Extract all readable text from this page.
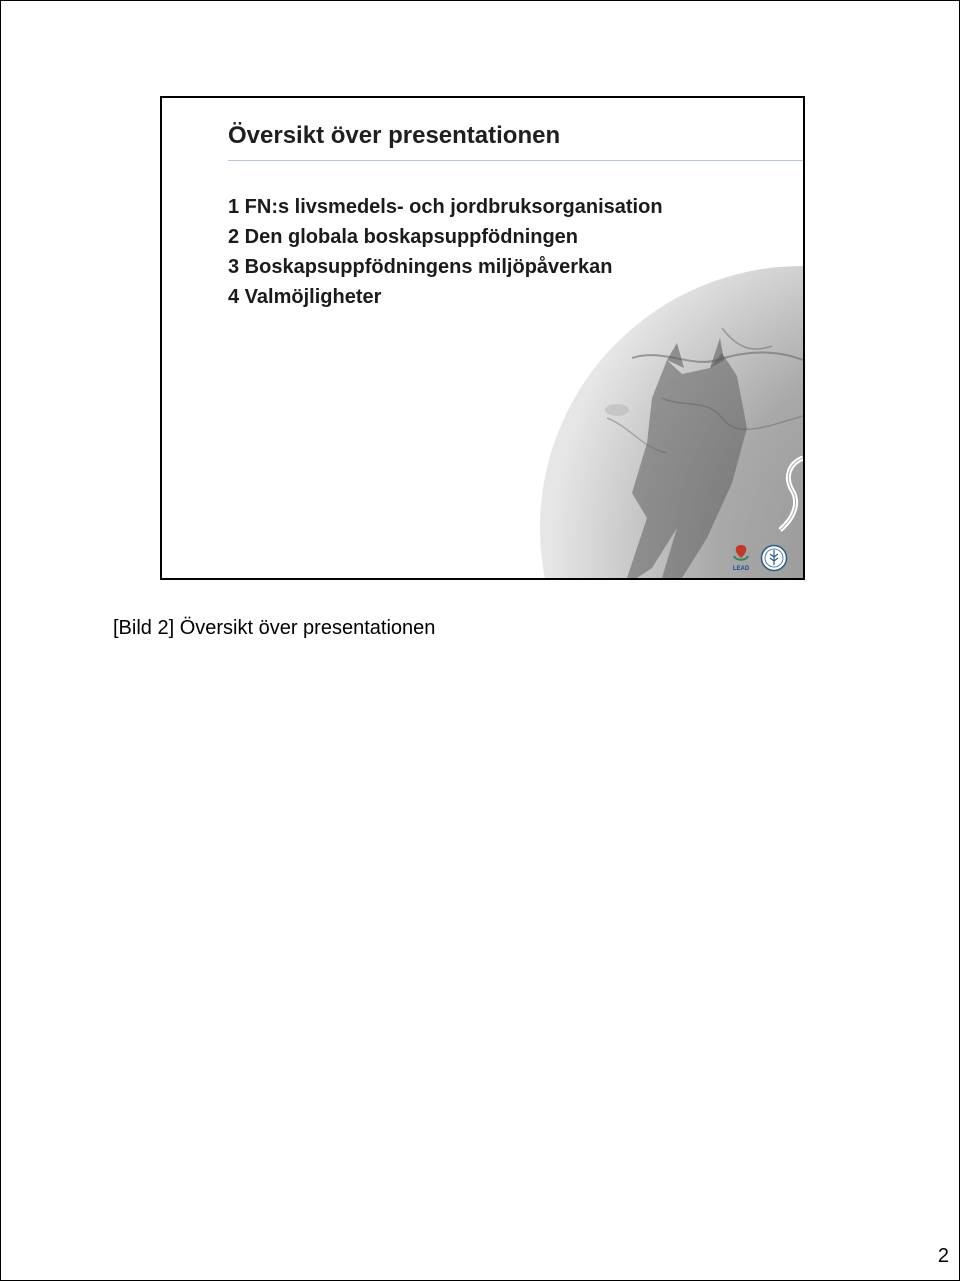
Översikt över presentationen
1 FN:s livsmedels- och jordbruksorganisation
2 Den globala boskapsuppfödningen
3 Boskapsuppfödningens miljöpåverkan
4 Valmöjligheter
LEAD

[Bild 2] Översikt över presentationen

2
